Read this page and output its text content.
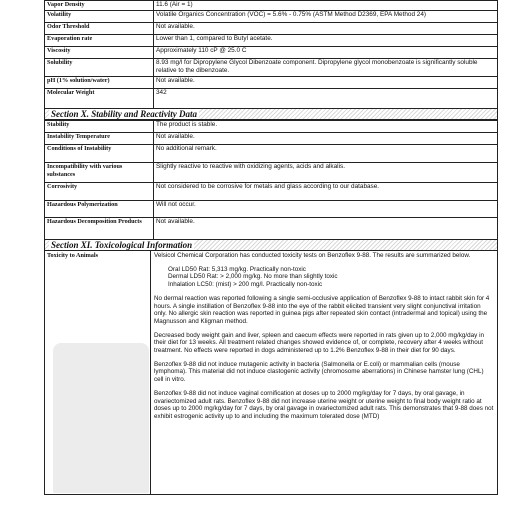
Vapor Density	11.6 (Air = 1)
Volatility	Volatile Organics Concentration (VOC) = 5.6% - 0.75% (ASTM Method D2369, EPA Method 24)
Odor Threshold	Not available.
Evaporation rate	Lower than 1, compared to Butyl acetate.
Viscosity	Approximately 110 cP @ 25.0 C
Solubility	8.93 mg/l for Dipropylene Glycol Dibenzoate component. Dipropylene glycol monobenzoate is significantly soluble relative to the dibenzoate.
pH (1% solution/water)	Not available.
Molecular Weight	342
Section X. Stability and Reactivity Data
Stability	The product is stable.
Instability Temperature	Not available.
Conditions of Instability	No additional remark.
Incompatibility with various substances	Slightly reactive to reactive with oxidizing agents, acids and alkalis.
Corrosivity	Not considered to be corrosive for metals and glass according to our database.
Hazardous Polymerization	Will not occur.
Hazardous Decomposition Products	Not available.
Section XI. Toxicological Information
Toxicity to Animals	Velsicol Chemical Corporation has conducted toxicity tests on Benzoflex 9-88. The results are summarized below.

Oral LD50 Rat: 5,313 mg/kg. Practically non-toxic
Dermal LD50 Rat: > 2,000 mg/kg. No more than slightly toxic
Inhalation LC50: (mist) > 200 mg/l. Practically non-toxic

No dermal reaction was reported following a single semi-occlusive application of Benzoflex 9-88 to intact rabbit skin for 4 hours. A single instillation of Benzoflex 9-88 into the eye of the rabbit elicited transient very slight conjunctival irritation only. No allergic skin reaction was reported in guinea pigs after repeated skin contact (intradermal and topical) using the Magnusson and Kligman method.

Decreased body weight gain and liver, spleen and caecum effects were reported in rats given up to 2,000 mg/kg/day in their diet for 13 weeks. All treatment related changes showed evidence of, or complete, recovery after 4 weeks without treatment. No effects were reported in dogs administered up to 1.2% Benzoflex 9-88 in their diet for 90 days.

Benzoflex 9-88 did not induce mutagenic activity in bacteria (Salmonella or E.coli) or mammalian cells (mouse lymphoma). This material did not induce clastogenic activity (chromosome aberrations) in Chinese hamster lung (CHL) cell in vitro.

Benzoflex 9-88 did not induce vaginal cornification at doses up to 2000 mg/kg/day for 7 days, by oral gavage, in ovariectomized adult rats. Benzoflex 9-88 did not increase uterine weight or uterine weight to final body weight ratio at doses up to 2000 mg/kg/day for 7 days, by oral gavage in ovariectomized adult rats. This demonstrates that 9-88 does not exhibit estrogenic activity up to and including the maximum tolerated dose (MTD)
